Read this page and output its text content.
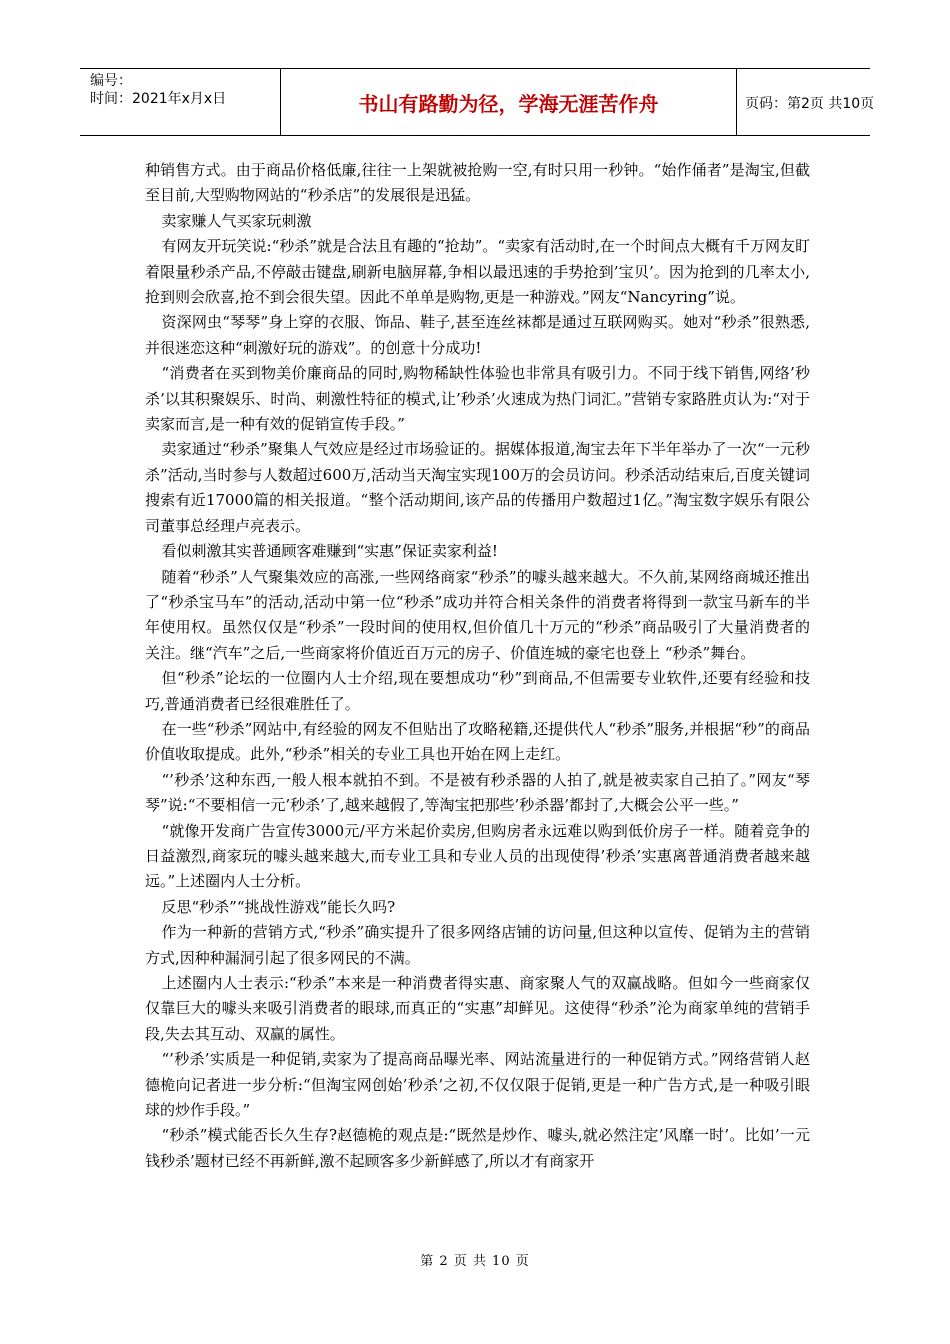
编号：
时间：2021年x月x日	书山有路勤为径，学海无涯苦作舟	页码：第2页 共10页

种销售方式。由于商品价格低廉,往往一上架就被抢购一空,有时只用一秒钟。“始作俑者”是淘宝,但截至目前,大型购物网站的“秒杀店”的发展很是迅猛。

卖家赚人气买家玩刺激

有网友开玩笑说:“秒杀”就是合法且有趣的“抢劫”。“卖家有活动时,在一个时间点大概有千万网友盯着限量秒杀产品,不停敲击键盘,刷新电脑屏幕,争相以最迅速的手势抢到’宝贝’。因为抢到的几率太小,抢到则会欣喜,抢不到会很失望。因此不单单是购物,更是一种游戏。”网友“Nancyring”说。

资深网虫“琴琴”身上穿的衣服、饰品、鞋子,甚至连丝袜都是通过互联网购买。她对“秒杀”很熟悉,并很迷恋这种“刺激好玩的游戏”。的创意十分成功!

“消费者在买到物美价廉商品的同时,购物稀缺性体验也非常具有吸引力。不同于线下销售,网络’秒杀’以其积聚娱乐、时尚、刺激性特征的模式,让’秒杀’火速成为热门词汇。”营销专家路胜贞认为:“对于卖家而言,是一种有效的促销宣传手段。”

卖家通过“秒杀”聚集人气效应是经过市场验证的。据媒体报道,淘宝去年下半年举办了一次“一元秒杀”活动,当时参与人数超过600万,活动当天淘宝实现100万的会员访问。秒杀活动结束后,百度关键词搜索有近17000篇的相关报道。“整个活动期间,该产品的传播用户数超过1亿。”淘宝数字娱乐有限公司董事总经理卢亮表示。

看似刺激其实普通顾客难赚到“实惠”保证卖家利益!

随着“秒杀”人气聚集效应的高涨,一些网络商家“秒杀”的噱头越来越大。不久前,某网络商城还推出了“秒杀宝马车”的活动,活动中第一位“秒杀”成功并符合相关条件的消费者将得到一款宝马新车的半年使用权。虽然仅仅是“秒杀”一段时间的使用权,但价值几十万元的“秒杀”商品吸引了大量消费者的关注。继“汽车”之后,一些商家将价值近百万元的房子、价值连城的豪宅也登上 “秒杀”舞台。

但“秒杀”论坛的一位圈内人士介绍,现在要想成功“秒”到商品,不但需要专业软件,还要有经验和技巧,普通消费者已经很难胜任了。

在一些“秒杀”网站中,有经验的网友不但贴出了攻略秘籍,还提供代人“秒杀”服务,并根据“秒”的商品价值收取提成。此外,“秒杀”相关的专业工具也开始在网上走红。

“’秒杀’这种东西,一般人根本就拍不到。不是被有秒杀器的人拍了,就是被卖家自己拍了。”网友“琴琴”说:“不要相信一元’秒杀’了,越来越假了,等淘宝把那些’秒杀器’都封了,大概会公平一些。”

“就像开发商广告宣传3000元/平方米起价卖房,但购房者永远难以购到低价房子一样。随着竞争的日益激烈,商家玩的噱头越来越大,而专业工具和专业人员的出现使得’秒杀’实惠离普通消费者越来越远。”上述圈内人士分析。

反思“秒杀”“挑战性游戏”能长久吗?

作为一种新的营销方式,“秒杀”确实提升了很多网络店铺的访问量,但这种以宣传、促销为主的营销方式,因种种漏洞引起了很多网民的不满。

上述圈内人士表示:“秒杀”本来是一种消费者得实惠、商家聚人气的双赢战略。但如今一些商家仅仅靠巨大的噱头来吸引消费者的眼球,而真正的“实惠”却鲜见。这使得“秒杀”沦为商家单纯的营销手段,失去其互动、双赢的属性。

“’秒杀’实质是一种促销,卖家为了提高商品曝光率、网站流量进行的一种促销方式。”网络营销人赵德桅向记者进一步分析:“但淘宝网创始’秒杀’之初,不仅仅限于促销,更是一种广告方式,是一种吸引眼球的炒作手段。”

“秒杀”模式能否长久生存?赵德桅的观点是:“既然是炒作、噱头,就必然注定’风靡一时’。比如’一元钱秒杀’题材已经不再新鲜,激不起顾客多少新鲜感了,所以才有商家开

第 2 页 共 10 页
